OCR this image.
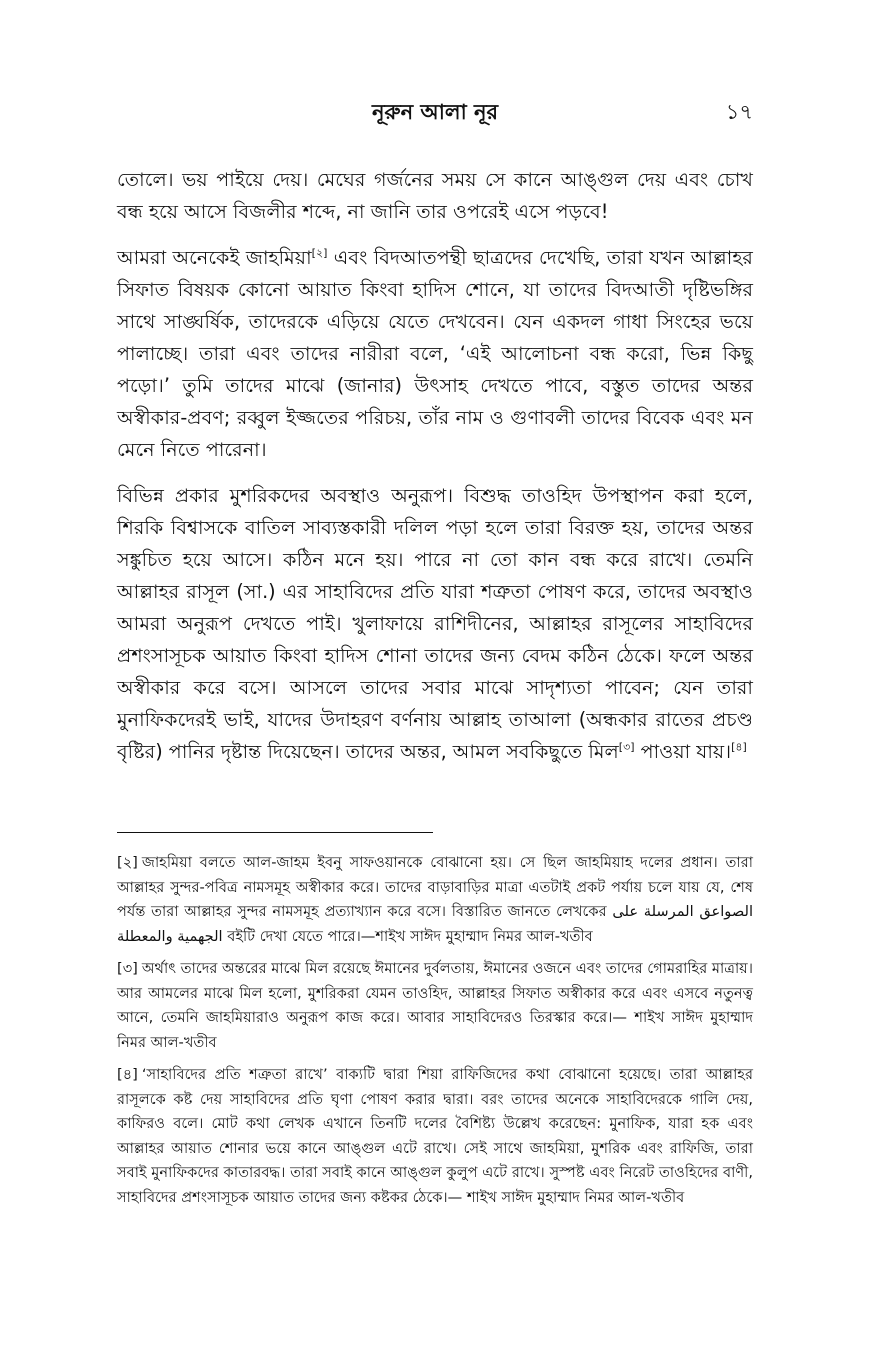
নূরুন আলা নূর	১৭

তোলে। ভয় পাইয়ে দেয়। মেঘের গর্জনের সময় সে কানে আঙ্গুল দেয় এবং চোখ বন্ধ হয়ে আসে বিজলীর শব্দে, না জানি তার ওপরেই এসে পড়বে!

আমরা অনেকেই জাহমিয়া[২] এবং বিদআতপন্থী ছাত্রদের দেখেছি, তারা যখন আল্লাহর সিফাত বিষয়ক কোনো আয়াত কিংবা হাদিস শোনে, যা তাদের বিদআতী দৃষ্টিভঙ্গির সাথে সাঙ্ঘর্ষিক, তাদেরকে এড়িয়ে যেতে দেখবেন। যেন একদল গাধা সিংহের ভয়ে পালাচ্ছে। তারা এবং তাদের নারীরা বলে, ‘এই আলোচনা বন্ধ করো, ভিন্ন কিছু পড়ো।’ তুমি তাদের মাঝে (জানার) উৎসাহ দেখতে পাবে, বস্তুত তাদের অন্তর অস্বীকার-প্রবণ; রব্বুল ইজ্জতের পরিচয়, তাঁর নাম ও গুণাবলী তাদের বিবেক এবং মন মেনে নিতে পারেনা।

বিভিন্ন প্রকার মুশরিকদের অবস্থাও অনুরূপ। বিশুদ্ধ তাওহিদ উপস্থাপন করা হলে, শিরকি বিশ্বাসকে বাতিল সাব্যস্তকারী দলিল পড়া হলে তারা বিরক্ত হয়, তাদের অন্তর সঙ্কুচিত হয়ে আসে। কঠিন মনে হয়। পারে না তো কান বন্ধ করে রাখে। তেমনি আল্লাহর রাসূল (সা.) এর সাহাবিদের প্রতি যারা শত্রুতা পোষণ করে, তাদের অবস্থাও আমরা অনুরূপ দেখতে পাই। খুলাফায়ে রাশিদীনের, আল্লাহর রাসূলের সাহাবিদের প্রশংসাসূচক আয়াত কিংবা হাদিস শোনা তাদের জন্য বেদম কঠিন ঠেকে। ফলে অন্তর অস্বীকার করে বসে। আসলে তাদের সবার মাঝে সাদৃশ্যতা পাবেন; যেন তারা মুনাফিকদেরই ভাই, যাদের উদাহরণ বর্ণনায় আল্লাহ তাআলা (অন্ধকার রাতের প্রচণ্ড বৃষ্টির) পানির দৃষ্টান্ত দিয়েছেন। তাদের অন্তর, আমল সবকিছুতে মিল[৩] পাওয়া যায়।[৪]

[২] জাহমিয়া বলতে আল-জাহম ইবনু সাফওয়ানকে বোঝানো হয়। সে ছিল জাহমিয়াহ দলের প্রধান। তারা আল্লাহর সুন্দর-পবিত্র নামসমূহ অস্বীকার করে। তাদের বাড়াবাড়ির মাত্রা এতটাই প্রকট পর্যায় চলে যায় যে, শেষ পর্যন্ত তারা আল্লাহর সুন্দর নামসমূহ প্রত্যাখ্যান করে বসে। বিস্তারিত জানতে লেখকের الصواعق المرسلة على الجهمية والمعطلة বইটি দেখা যেতে পারে।—শাইখ সাঈদ মুহাম্মাদ নিমর আল-খতীব

[৩] অর্থাৎ তাদের অন্তরের মাঝে মিল রয়েছে ঈমানের দুর্বলতায়, ঈমানের ওজনে এবং তাদের গোমরাহির মাত্রায়। আর আমলের মাঝে মিল হলো, মুশরিকরা যেমন তাওহিদ, আল্লাহর সিফাত অস্বীকার করে এবং এসবে নতুনত্ব আনে, তেমনি জাহমিয়ারাও অনুরূপ কাজ করে। আবার সাহাবিদেরও তিরস্কার করে।— শাইখ সাঈদ মুহাম্মাদ নিমর আল-খতীব

[৪] ‘সাহাবিদের প্রতি শত্রুতা রাখে’ বাক্যটি দ্বারা শিয়া রাফিজিদের কথা বোঝানো হয়েছে। তারা আল্লাহর রাসূলকে কষ্ট দেয় সাহাবিদের প্রতি ঘৃণা পোষণ করার দ্বারা। বরং তাদের অনেকে সাহাবিদেরকে গালি দেয়, কাফিরও বলে। মোট কথা লেখক এখানে তিনটি দলের বৈশিষ্ট্য উল্লেখ করেছেন: মুনাফিক, যারা হক এবং আল্লাহর আয়াত শোনার ভয়ে কানে আঙ্গুল এটে রাখে। সেই সাথে জাহমিয়া, মুশরিক এবং রাফিজি, তারা সবাই মুনাফিকদের কাতারবদ্ধ। তারা সবাই কানে আঙ্গুল কুলুপ এটে রাখে। সুস্পষ্ট এবং নিরেট তাওহিদের বাণী, সাহাবিদের প্রশংসাসূচক আয়াত তাদের জন্য কষ্টকর ঠেকে।— শাইখ সাঈদ মুহাম্মাদ নিমর আল-খতীব
